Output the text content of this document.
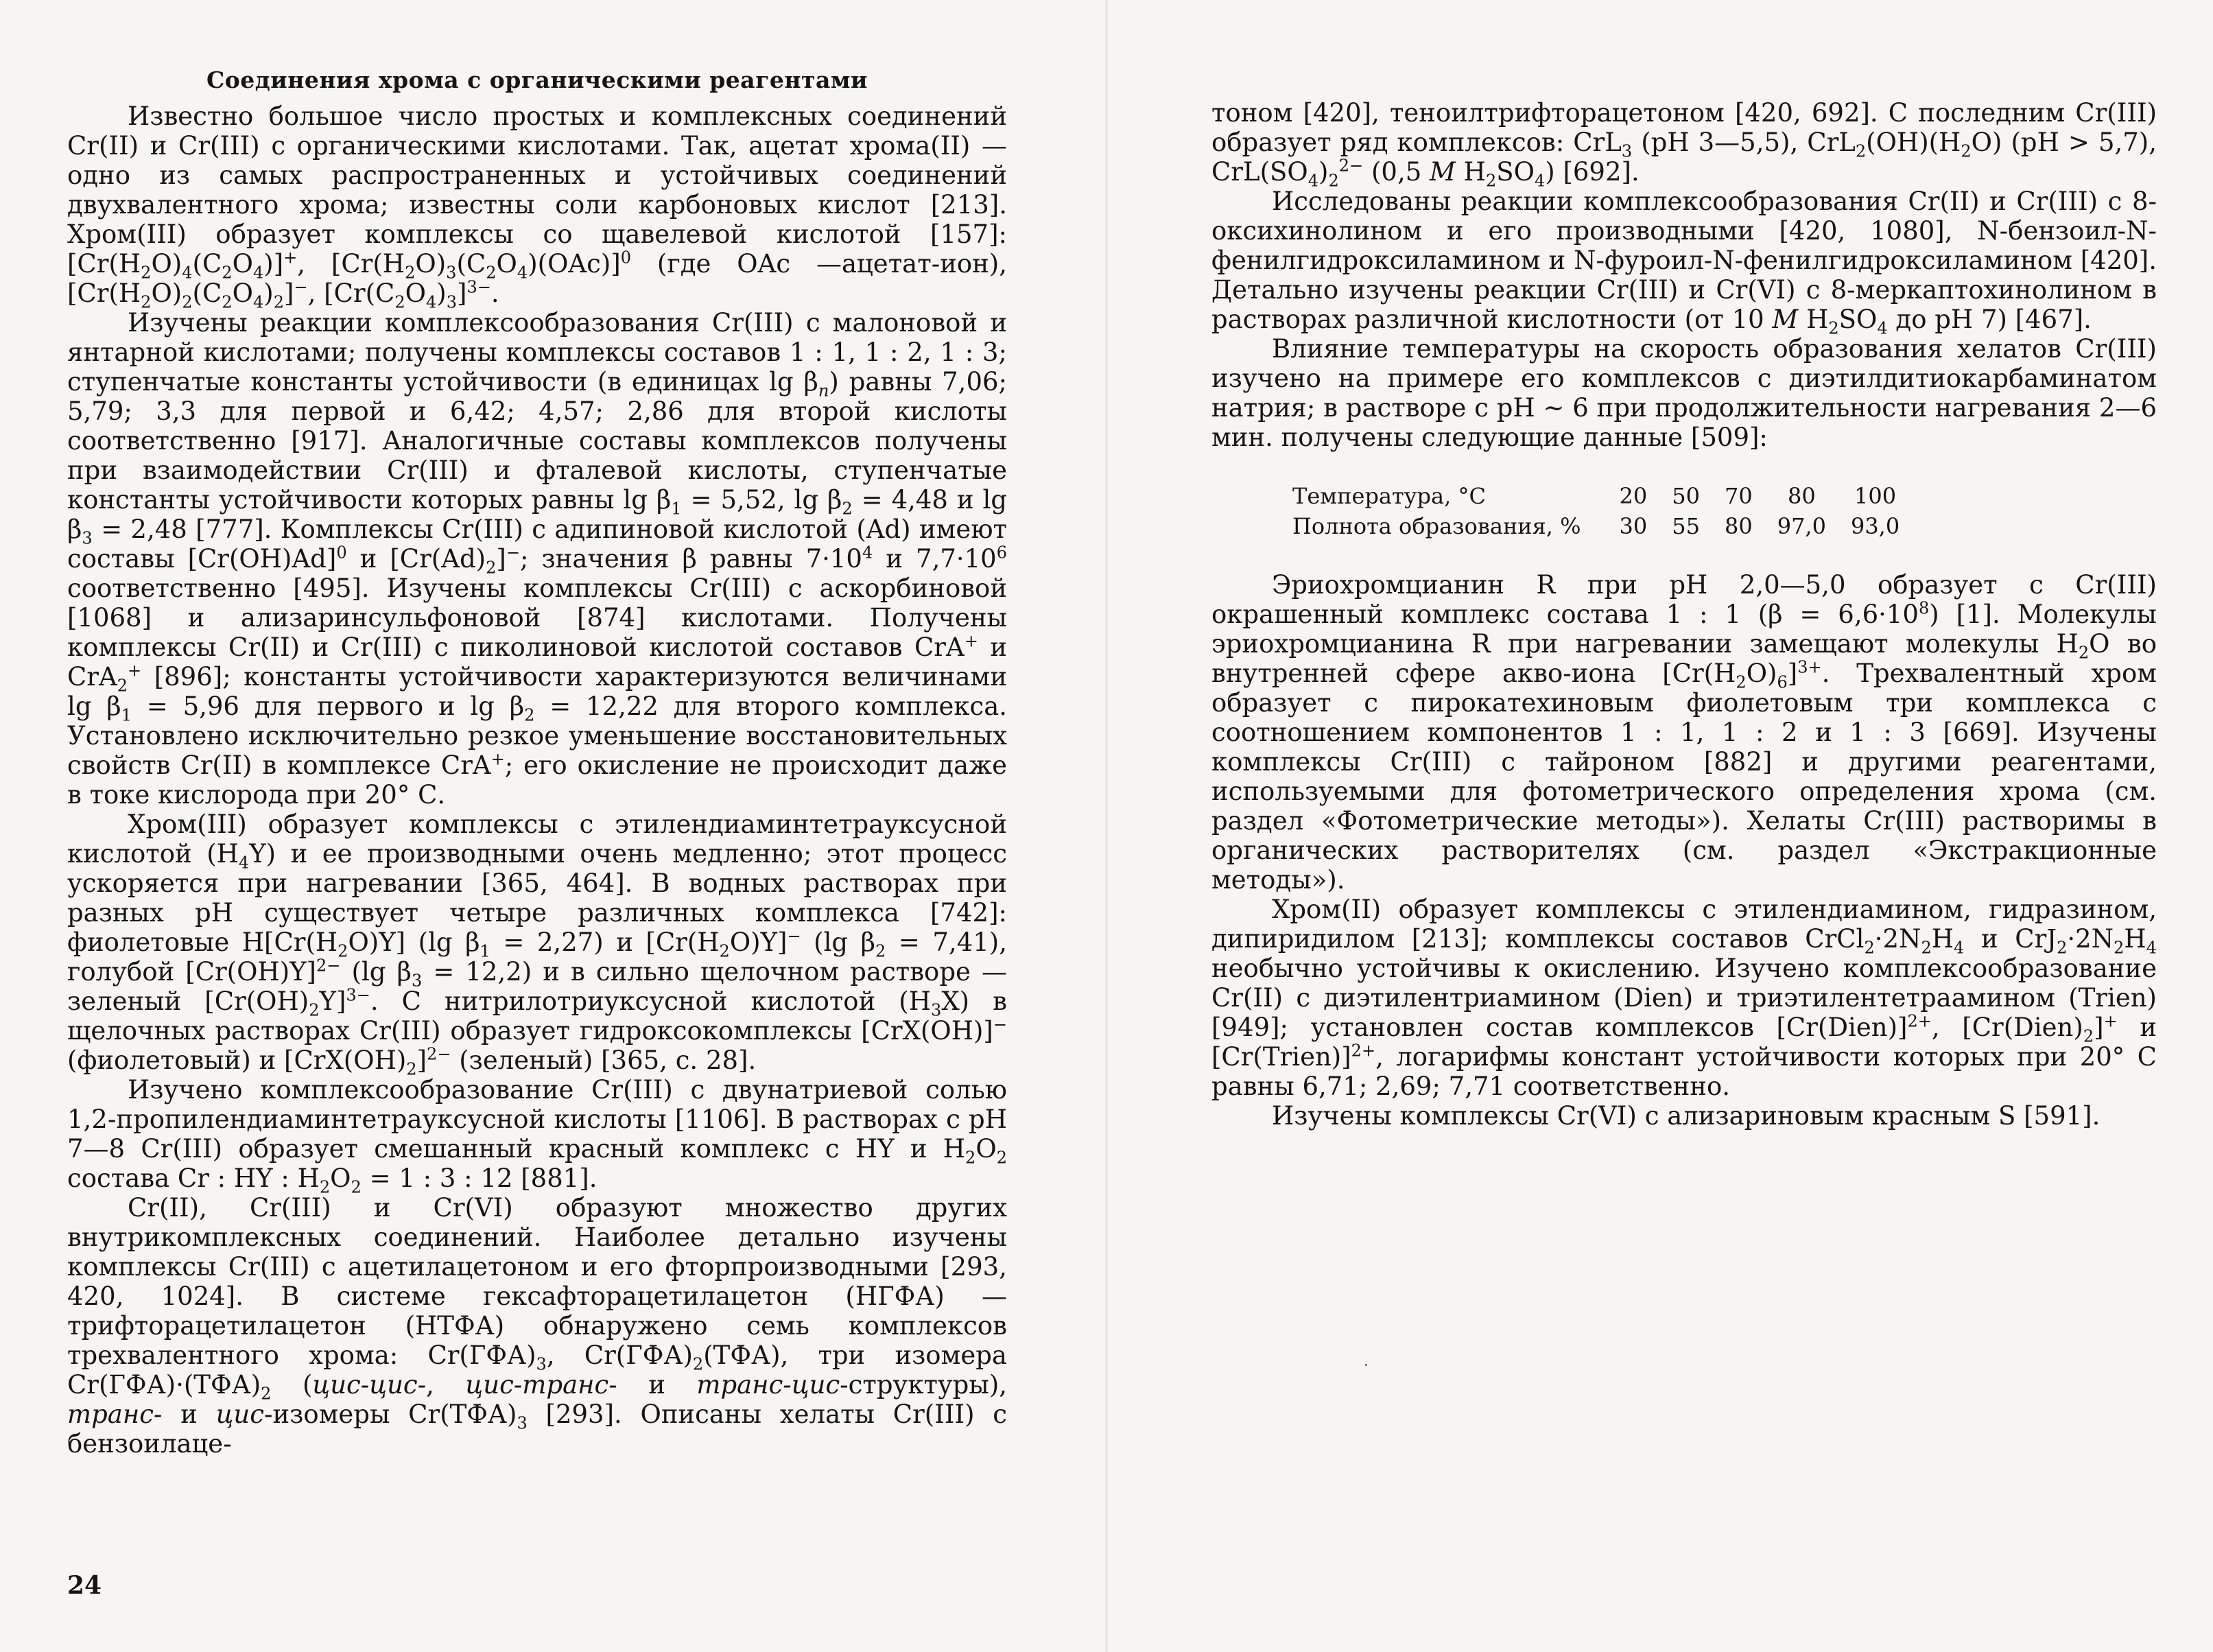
Соединения хрома с органическими реагентами

Известно большое число простых и комплексных соединений Cr(II) и Cr(III) с органическими кислотами. Так, ацетат хрома(II) — одно из самых распространенных и устойчивых соединений двухвалентного хрома; известны соли карбоновых кислот [213]. Хром(III) образует комплексы со щавелевой кислотой [157]: $[Cr(H_2O)_4(C_2O_4)]^+$, $[Cr(H_2O)_3(C_2O_4)(OAc)]^0$ (где OAc —ацетат-ион), $[Cr(H_2O)_2(C_2O_4)_2]^-$, $[Cr(C_2O_4)_3]^{3-}$.

Изучены реакции комплексообразования Cr(III) с малоновой и янтарной кислотами; получены комплексы составов 1 : 1, 1 : 2, 1 : 3; ступенчатые константы устойчивости (в единицах $\lg \beta_n$) равны 7,06; 5,79; 3,3 для первой и 6,42; 4,57; 2,86 для второй кислоты соответственно [917]. Аналогичные составы комплексов получены при взаимодействии Cr(III) и фталевой кислоты, ступенчатые константы устойчивости которых равны $\lg \beta_1 = 5,52$, $\lg \beta_2 = 4,48$ и $\lg \beta_3 = 2,48$ [777]. Комплексы Cr(III) с адипиновой кислотой (Ad) имеют составы $[Cr(OH)Ad]^0$ и $[Cr(Ad)_2]^-$; значения β равны $7\cdot 10^4$ и $7,7\cdot 10^6$ соответственно [495]. Изучены комплексы Cr(III) с аскорбиновой [1068] и ализаринсульфоновой [874] кислотами. Получены комплексы Cr(II) и Cr(III) с пиколиновой кислотой составов CrA+ и CrA$_2$+ [896]; константы устойчивости характеризуются величинами $\lg \beta_1 = 5,96$ для первого и $\lg \beta_2 = 12,22$ для второго комплекса. Установлено исключительно резкое уменьшение восстановительных свойств Cr(II) в комплексе CrA+; его окисление не происходит даже в токе кислорода при 20° С.

Хром(III) образует комплексы с этилендиаминтетрауксусной кислотой $(H_4Y)$ и ее производными очень медленно; этот процесс ускоряется при нагревании [365, 464]. В водных растворах при разных pH существует четыре различных комплекса [742]: фиолетовые $H[Cr(H_2O)Y]$ (lg $\beta_1 = 2,27$) и $[Cr(H_2O)Y]^-$ (lg $\beta_2 = 7,41$), голубой $[Cr(OH)Y]^{2-}$ (lg $\beta_3 = 12,2$) и в сильно щелочном растворе — зеленый $[Cr(OH)_2Y]^{3-}$. С нитрилотриуксусной кислотой $(H_3X)$ в щелочных растворах Cr(III) образует гидроксокомплексы [CrX(OH)]− (фиолетовый) и $[CrX(OH)_2]^{2-}$ (зеленый) [365, с. 28].

Изучено комплексообразование Cr(III) с двунатриевой солью 1,2-пропилендиаминтетрауксусной кислоты [1106]. В растворах с pH 7—8 Cr(III) образует смешанный красный комплекс с HY и $H_2O_2$ состава Cr : HY : $H_2O_2 = 1$ : 3 : 12 [881].

Cr(II), Cr(III) и Cr(VI) образуют множество других внутрикомплексных соединений. Наиболее детально изучены комплексы Cr(III) с ацетилацетоном и его фторпроизводными [293, 420, 1024]. В системе гексафторацетилацетон (НГФА) — трифторацетилацетон (НТФА) обнаружено семь комплексов трехвалентного хрома: $Cr(ГФА)_3$, $Cr(ГФА)_2(ТФА)$, три изомера $Cr(ГФА)\cdot(ТФА)_2$ (цис-цис-, цис-транс- и транс-цис-структуры), транс- и цис-изомеры $Cr(ТФА)_3$ [293]. Описаны хелаты Cr(III) с бензоилаце-

24

тоном [420], теноилтрифторацетоном [420, 692]. С последним Cr(III) образует ряд комплексов: CrL$_3$ (pH 3—5,5), $CrL_2(OH)(H_2O) (pH > 5,7)$, $CrL(SO_4)_2^{2-}$ (0,5 M $H_2SO_4$) [692].

Исследованы реакции комплексообразования Cr(II) и Cr(III) с 8-оксихинолином и его производными [420, 1080], N-бензоил-N-фенилгидроксиламином и N-фуроил-N-фенилгидроксиламином [420]. Детально изучены реакции Cr(III) и Cr(VI) с 8-меркаптохинолином в растворах различной кислотности (от 10 M $H_2SO_4$ до pH 7) [467].

Влияние температуры на скорость образования хелатов Cr(III) изучено на примере его комплексов с диэтилдитиокарбаминатом натрия; в растворе с pH ~ 6 при продолжительности нагревания 2—6 мин. получены следующие данные [509]:

Температура, °С	20	50	70	80	100
Полнота образования, %	30	55	80	97,0	93,0

Эриохромцианин R при pH 2,0—5,0 образует с Cr(III) окрашенный комплекс состава 1 : 1 $(\beta = 6,6\cdot 10^8)$ [1]. Молекулы эриохромцианина R при нагревании замещают молекулы $H_2O$ во внутренней сфере акво-иона $[Cr(H_2O)_6]^{3+}$. Трехвалентный хром образует с пирокатехиновым фиолетовым три комплекса с соотношением компонентов 1 : 1, 1 : 2 и 1 : 3 [669]. Изучены комплексы Cr(III) с тайроном [882] и другими реагентами, используемыми для фотометрического определения хрома (см. раздел «Фотометрические методы»). Хелаты Cr(III) растворимы в органических растворителях (см. раздел «Экстракционные методы»).

Хром(II) образует комплексы с этилендиамином, гидразином, дипиридилом [213]; комплексы составов $CrCl_2\cdot 2N_2H_4$ и $CrJ_2\cdot 2N_2H_4$ необычно устойчивы к окислению. Изучено комплексообразование Cr(II) с диэтилентриамином (Dien) и триэтилентетраамином (Trien) [949]; установлен состав комплексов [Cr(Dien)]$^{2+}$, $[Cr(Dien)_2]^+$ и [Cr(Trien)]$^{2+}$, логарифмы констант устойчивости которых при 20° С равны 6,71; 2,69; 7,71 соответственно.

Изучены комплексы Cr(VI) с ализариновым красным S [591].
